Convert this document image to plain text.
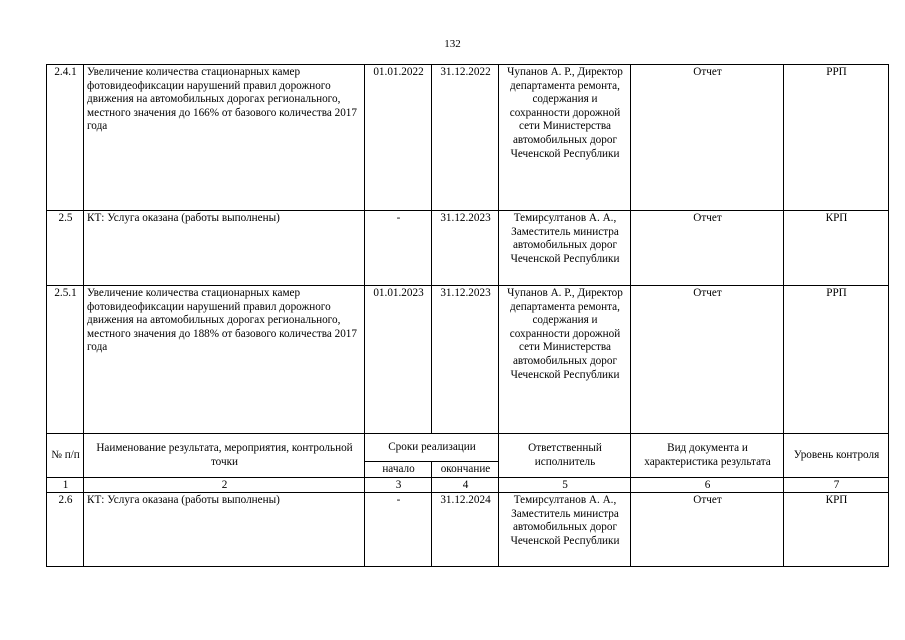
132
2.4.1	Увеличение количества стационарных камер фотовидеофиксации нарушений правил дорожного движения на автомобильных дорогах регионального, местного значения до 166% от базового количества 2017 года	01.01.2022	31.12.2022	Чупанов А. Р., Директор департамента ремонта, содержания и сохранности дорожной сети Министерства автомобильных дорог Чеченской Республики	Отчет	РРП
2.5	КТ: Услуга оказана (работы выполнены)	-	31.12.2023	Темирсултанов А. А., Заместитель министра автомобильных дорог Чеченской Республики	Отчет	КРП
2.5.1	Увеличение количества стационарных камер фотовидеофиксации нарушений правил дорожного движения на автомобильных дорогах регионального, местного значения до 188% от базового количества 2017 года	01.01.2023	31.12.2023	Чупанов А. Р., Директор департамента ремонта, содержания и сохранности дорожной сети Министерства автомобильных дорог Чеченской Республики	Отчет	РРП
№ п/п	Наименование результата, мероприятия, контрольной точки	Сроки реализации		Ответственный исполнитель	Вид документа и характеристика результата	Уровень контроля
		начало	окончание			
1	2	3	4	5	6	7
2.6	КТ: Услуга оказана (работы выполнены)	-	31.12.2024	Темирсултанов А. А., Заместитель министра автомобильных дорог Чеченской Республики	Отчет	КРП
